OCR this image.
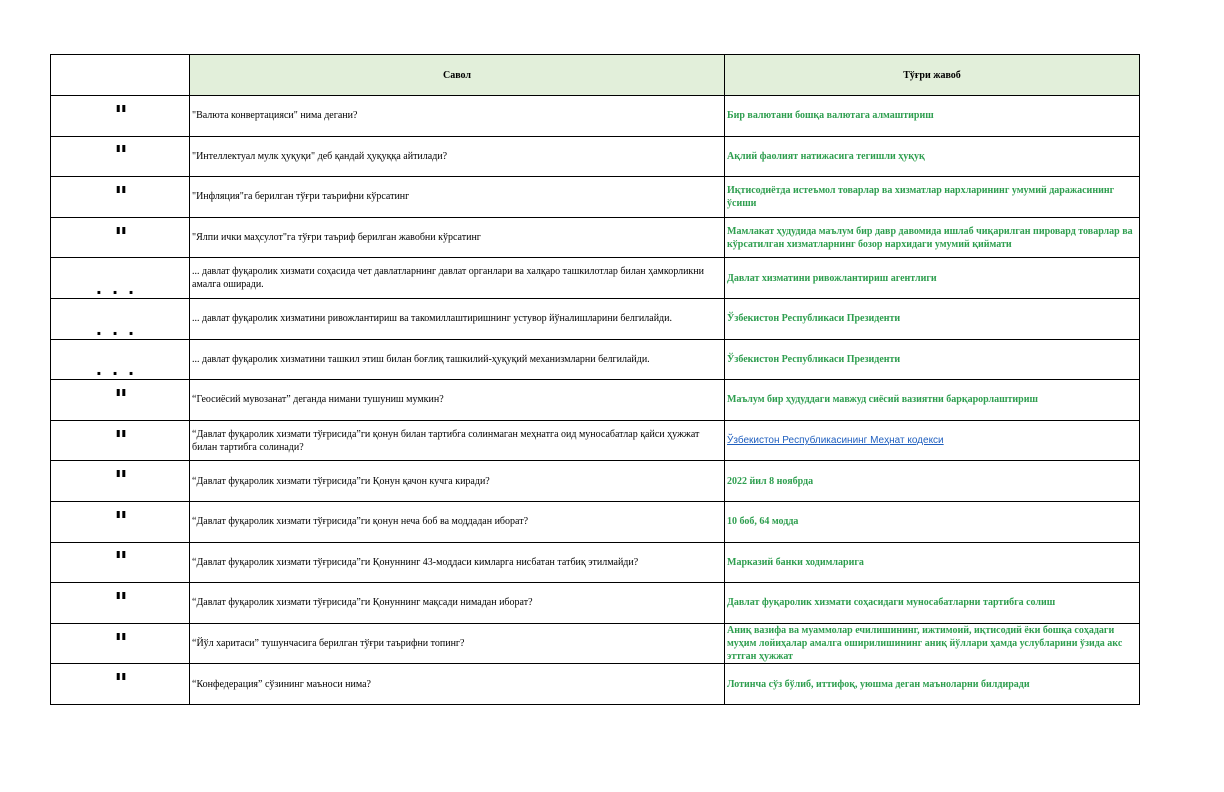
	Савол	Тўғри жавоб

"	"Валюта конвертацияси" нима дегани?	Бир валютани бошқа валютага алмаштириш

"	"Интеллектуал мулк ҳуқуқи" деб қандай ҳуқуққа айтилади?	Ақлий фаолият натижасига тегишли ҳуқуқ

"	"Инфляция"га берилган тўғри таърифни кўрсатинг	Иқтисодиётда истеъмол товарлар ва хизматлар нархларининг умумий даражасининг ўсиши

"	"Ялпи ички маҳсулот"га тўғри таъриф берилган жавобни кўрсатинг	Мамлакат ҳудудида маълум бир давр давомида ишлаб чиқарилган пировард товарлар ва кўрсатилган хизматларнинг бозор нархидаги умумий қиймати

...	... давлат фуқаролик хизмати соҳасида чет давлатларнинг давлат органлари ва халқаро ташкилотлар билан ҳамкорликни амалга оширади.	Давлат хизматини ривожлантириш агентлиги

...	... давлат фуқаролик хизматини ривожлантириш ва такомиллаштиришнинг устувор йўналишларини белгилайди.	Ўзбекистон Республикаси Президенти

...	... давлат фуқаролик хизматини ташкил этиш билан боғлиқ ташкилий-ҳуқуқий механизмларни белгилайди.	Ўзбекистон Республикаси Президенти

"	“Геосиёсий мувозанат” деганда нимани тушуниш мумкин?	Маълум бир ҳудуддаги мавжуд сиёсий вазиятни барқарорлаштириш

"	“Давлат фуқаролик хизмати тўғрисида”ги қонун билан тартибга солинмаган меҳнатга оид муносабатлар қайси ҳужжат билан тартибга солинади?	Ўзбекистон Республикасининг Меҳнат кодекси

"	“Давлат фуқаролик хизмати тўғрисида”ги Қонун қачон кучга киради?	2022 йил 8 ноябрда

"	“Давлат фуқаролик хизмати тўғрисида”ги қонун неча боб ва моддадан иборат?	10 боб, 64 модда

"	“Давлат фуқаролик хизмати тўғрисида”ги Қонуннинг 43-моддаси кимларга нисбатан татбиқ этилмайди?	Марказий банки ходимларига

"	“Давлат фуқаролик хизмати тўғрисида”ги Қонуннинг мақсади нимадан иборат?	Давлат фуқаролик хизмати соҳасидаги муносабатларни тартибга солиш

"	“Йўл харитаси” тушунчасига берилган тўғри таърифни топинг?	Аниқ вазифа ва муаммолар ечилишининг, ижтимоий, иқтисодий ёки бошқа соҳадаги муҳим лойиҳалар амалга оширилишининг аниқ йўллари ҳамда услубларини ўзида акс эттган ҳужжат

"	“Конфедерация” сўзининг маъноси нима?	Лотинча сўз бўлиб, иттифоқ, уюшма деган маъноларни билдиради
